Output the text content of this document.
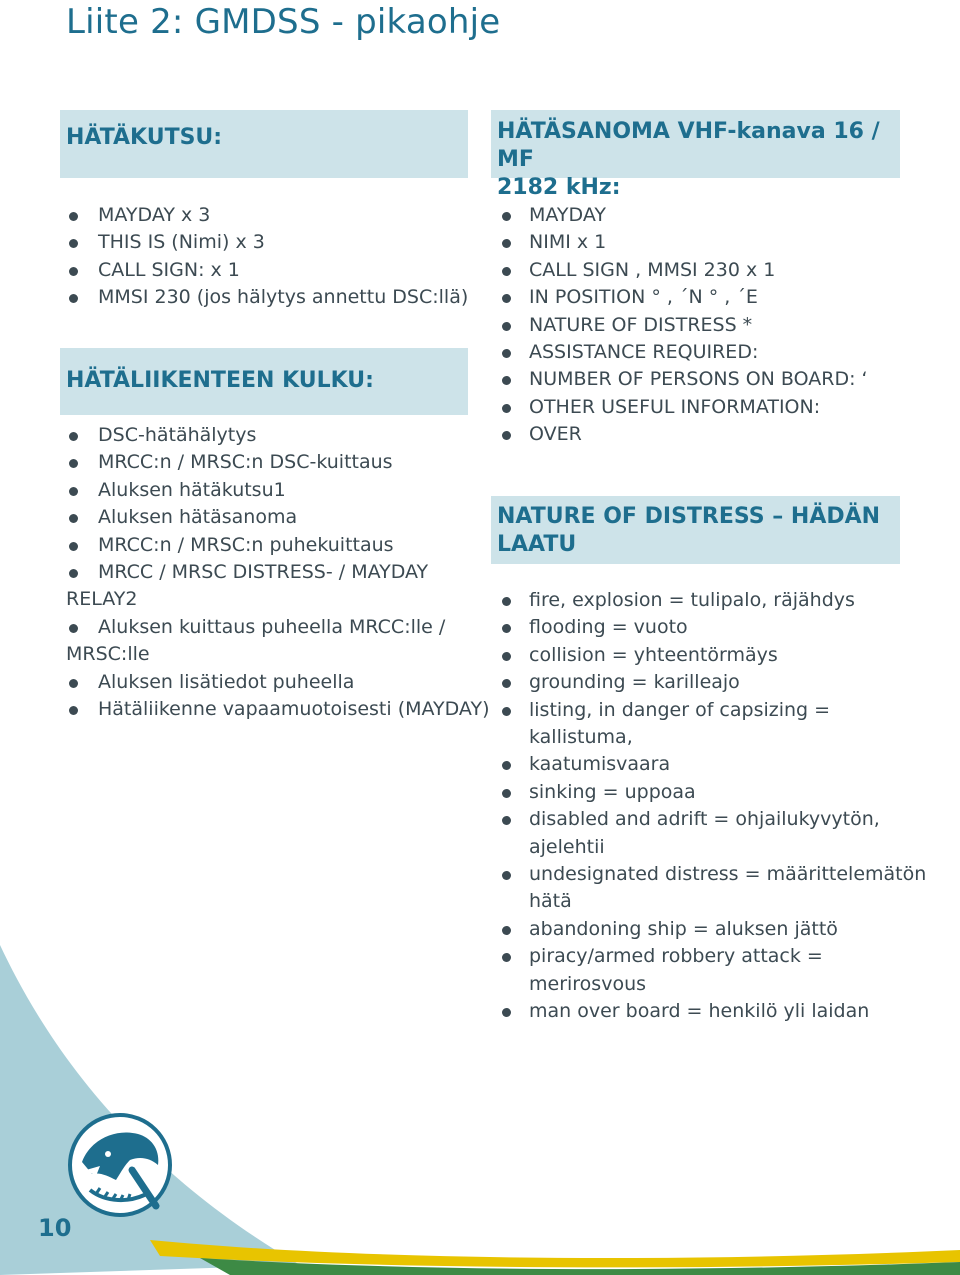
10
Liite 2: GMDSS - pikaohje
HÄTÄKUTSU:
MAYDAY x 3
THIS IS (Nimi) x 3
CALL SIGN: x 1
MMSI 230 (jos hälytys annettu DSC:llä)
HÄTÄLIIKENTEEN KULKU:
DSC-hätähälytys
MRCC:n / MRSC:n DSC-kuittaus
Aluksen hätäkutsu1
Aluksen hätäsanoma
MRCC:n / MRSC:n puhekuittaus
MRCC / MRSC DISTRESS- / MAYDAY
RELAY2
Aluksen kuittaus puheella MRCC:lle /
MRSC:lle
Aluksen lisätiedot puheella
Hätäliikenne vapaamuotoisesti (MAYDAY)
HÄTÄSANOMA VHF-kanava 16 / MF
2182 kHz:
MAYDAY
NIMI x 1
CALL SIGN , MMSI 230 x 1
IN POSITION ° , ´N ° , ´E
NATURE OF DISTRESS *
ASSISTANCE REQUIRED:
NUMBER OF PERSONS ON BOARD: ‘
OTHER USEFUL INFORMATION:
OVER
NATURE OF DISTRESS – HÄDÄN
LAATU
fire, explosion = tulipalo, räjähdys
flooding = vuoto
collision = yhteentörmäys
grounding = karilleajo
listing, in danger of capsizing =
kallistuma,
kaatumisvaara
sinking = uppoaa
disabled and adrift = ohjailukyvytön,
ajelehtii
undesignated distress = määrittelemätön
hätä
abandoning ship = aluksen jättö
piracy/armed robbery attack =
merirosvous
man over board = henkilö yli laidan
